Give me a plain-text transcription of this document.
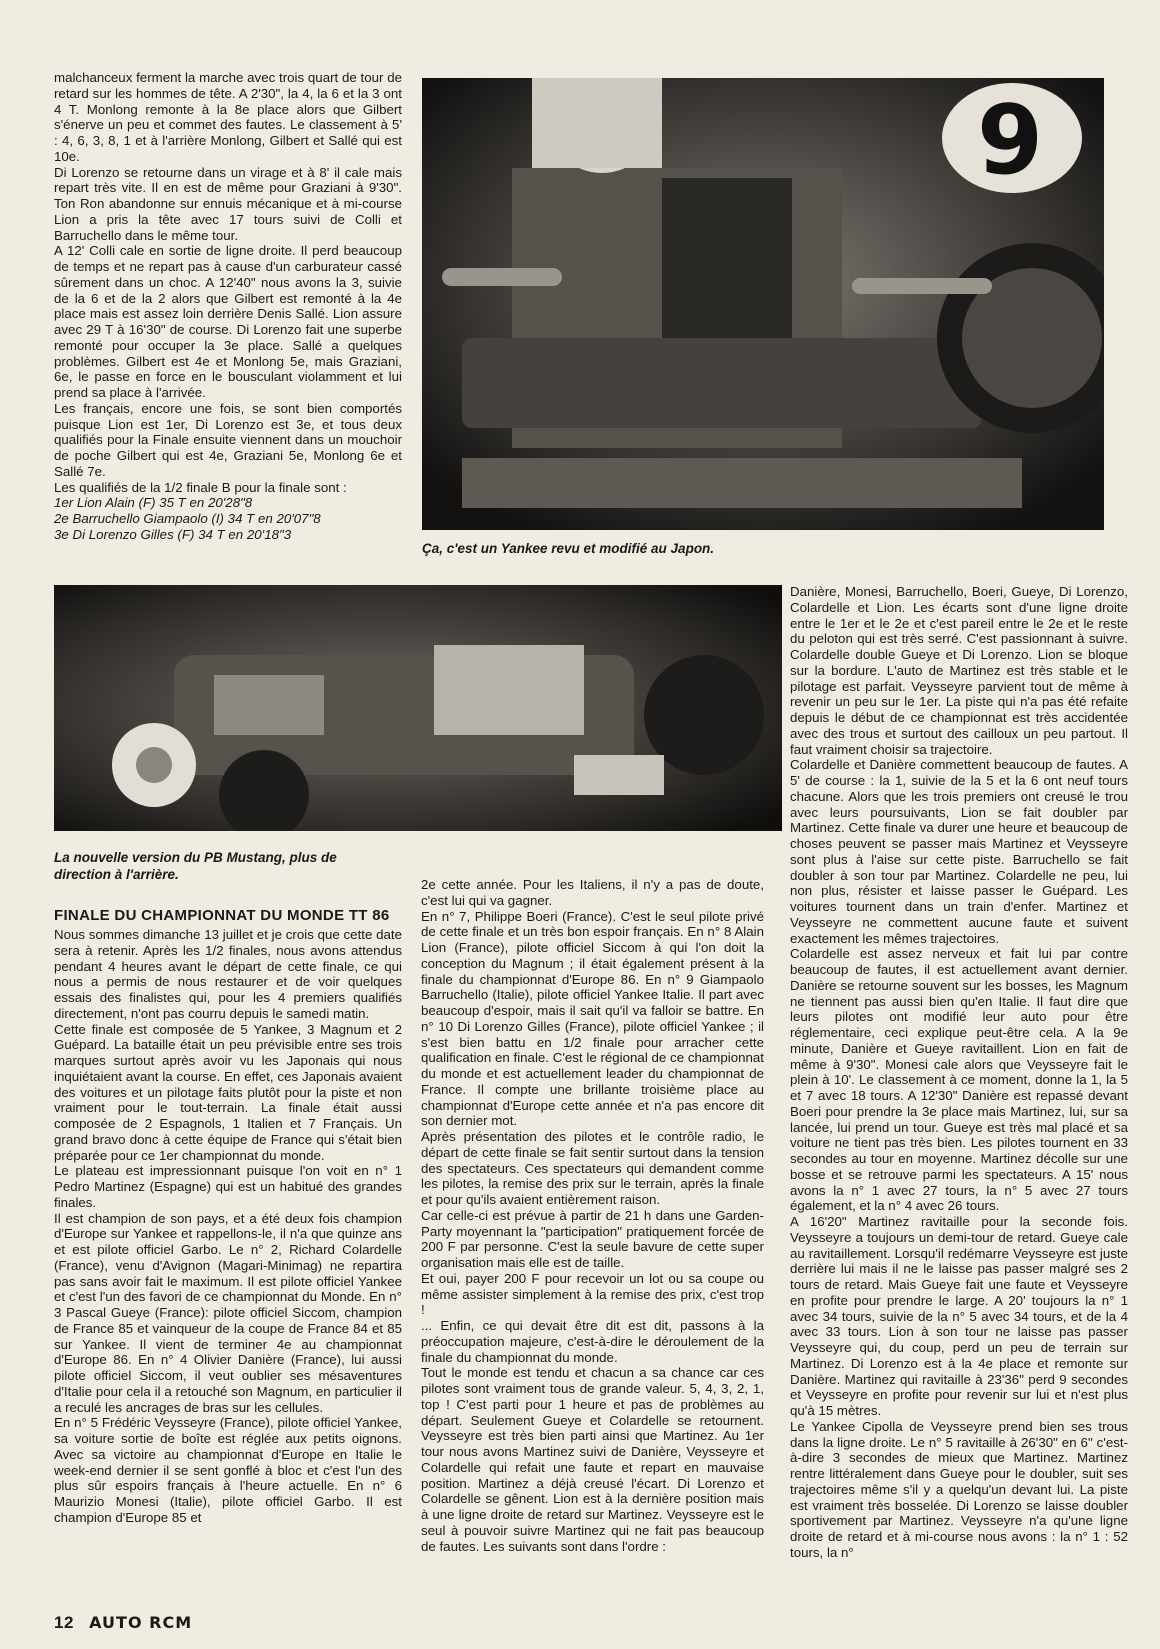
malchanceux ferment la marche avec trois quart de tour de retard sur les hommes de tête. A 2'30", la 4, la 6 et la 3 ont 4 T. Monlong remonte à la 8e place alors que Gilbert s'énerve un peu et commet des fautes. Le classement à 5' : 4, 6, 3, 8, 1 et à l'arrière Monlong, Gilbert et Sallé qui est 10e.

Di Lorenzo se retourne dans un virage et à 8' il cale mais repart très vite. Il en est de même pour Graziani à 9'30". Ton Ron abandonne sur ennuis mécanique et à mi-course Lion a pris la tête avec 17 tours suivi de Colli et Barruchello dans le même tour.

A 12' Colli cale en sortie de ligne droite. Il perd beaucoup de temps et ne repart pas à cause d'un carburateur cassé sûrement dans un choc. A 12'40" nous avons la 3, suivie de la 6 et de la 2 alors que Gilbert est remonté à la 4e place mais est assez loin derrière Denis Sallé. Lion assure avec 29 T à 16'30" de course. Di Lorenzo fait une superbe remonté pour occuper la 3e place. Sallé a quelques problèmes. Gilbert est 4e et Monlong 5e, mais Graziani, 6e, le passe en force en le bousculant violamment et lui prend sa place à l'arrivée.

Les français, encore une fois, se sont bien comportés puisque Lion est 1er, Di Lorenzo est 3e, et tous deux qualifiés pour la Finale ensuite viennent dans un mouchoir de poche Gilbert qui est 4e, Graziani 5e, Monlong 6e et Sallé 7e.

Les qualifiés de la 1/2 finale B pour la finale sont :

1er Lion Alain (F) 35 T en 20'28"8

2e Barruchello Giampaolo (I) 34 T en 20'07"8

3e Di Lorenzo Gilles (F) 34 T en 20'18"3

9

Ça, c'est un Yankee revu et modifié au Japon.

La nouvelle version du PB Mustang, plus de direction à l'arrière.

FINALE DU CHAMPIONNAT DU MONDE TT 86

Nous sommes dimanche 13 juillet et je crois que cette date sera à retenir. Après les 1/2 finales, nous avons attendus pendant 4 heures avant le départ de cette finale, ce qui nous a permis de nous restaurer et de voir quelques essais des finalistes qui, pour les 4 premiers qualifiés directement, n'ont pas courru depuis le samedi matin.

Cette finale est composée de 5 Yankee, 3 Magnum et 2 Guépard. La bataille était un peu prévisible entre ses trois marques surtout après avoir vu les Japonais qui nous inquiétaient avant la course. En effet, ces Japonais avaient des voitures et un pilotage faits plutôt pour la piste et non vraiment pour le tout-terrain. La finale était aussi composée de 2 Espagnols, 1 Italien et 7 Français. Un grand bravo donc à cette équipe de France qui s'était bien préparée pour ce 1er championnat du monde.

Le plateau est impressionnant puisque l'on voit en n° 1 Pedro Martinez (Espagne) qui est un habitué des grandes finales.

Il est champion de son pays, et a été deux fois champion d'Europe sur Yankee et rappellons-le, il n'a que quinze ans et est pilote officiel Garbo. Le n° 2, Richard Colardelle (France), venu d'Avignon (Magari-Minimag) ne repartira pas sans avoir fait le maximum. Il est pilote officiel Yankee et c'est l'un des favori de ce championnat du Monde. En n° 3 Pascal Gueye (France): pilote officiel Siccom, champion de France 85 et vainqueur de la coupe de France 84 et 85 sur Yankee. Il vient de terminer 4e au championnat d'Europe 86. En n° 4 Olivier Danière (France), lui aussi pilote officiel Siccom, il veut oublier ses mésaventures d'Italie pour cela il a retouché son Magnum, en particulier il a reculé les ancrages de bras sur les cellules.

En n° 5 Frédéric Veysseyre (France), pilote officiel Yankee, sa voiture sortie de boîte est réglée aux petits oignons. Avec sa victoire au championnat d'Europe en Italie le week-end dernier il se sent gonflé à bloc et c'est l'un des plus sûr espoirs français à l'heure actuelle. En n° 6 Maurizio Monesi (Italie), pilote officiel Garbo. Il est champion d'Europe 85 et

2e cette année. Pour les Italiens, il n'y a pas de doute, c'est lui qui va gagner.

En n° 7, Philippe Boeri (France). C'est le seul pilote privé de cette finale et un très bon espoir français. En n° 8 Alain Lion (France), pilote officiel Siccom à qui l'on doit la conception du Magnum ; il était également présent à la finale du championnat d'Europe 86. En n° 9 Giampaolo Barruchello (Italie), pilote officiel Yankee Italie. Il part avec beaucoup d'espoir, mais il sait qu'il va falloir se battre. En n° 10 Di Lorenzo Gilles (France), pilote officiel Yankee ; il s'est bien battu en 1/2 finale pour arracher cette qualification en finale. C'est le régional de ce championnat du monde et est actuellement leader du championnat de France. Il compte une brillante troisième place au championnat d'Europe cette année et n'a pas encore dit son dernier mot.

Après présentation des pilotes et le contrôle radio, le départ de cette finale se fait sentir surtout dans la tension des spectateurs. Ces spectateurs qui demandent comme les pilotes, la remise des prix sur le terrain, après la finale et pour qu'ils avaient entièrement raison.

Car celle-ci est prévue à partir de 21 h dans une Garden-Party moyennant la "participation" pratiquement forcée de 200 F par personne. C'est la seule bavure de cette super organisation mais elle est de taille.

Et oui, payer 200 F pour recevoir un lot ou sa coupe ou même assister simplement à la remise des prix, c'est trop !

... Enfin, ce qui devait être dit est dit, passons à la préoccupation majeure, c'est-à-dire le déroulement de la finale du championnat du monde.

Tout le monde est tendu et chacun a sa chance car ces pilotes sont vraiment tous de grande valeur. 5, 4, 3, 2, 1, top ! C'est parti pour 1 heure et pas de problèmes au départ. Seulement Gueye et Colardelle se retournent. Veysseyre est très bien parti ainsi que Martinez. Au 1er tour nous avons Martinez suivi de Danière, Veysseyre et Colardelle qui refait une faute et repart en mauvaise position. Martinez a déjà creusé l'écart. Di Lorenzo et Colardelle se gênent. Lion est à la dernière position mais à une ligne droite de retard sur Martinez. Veysseyre est le seul à pouvoir suivre Martinez qui ne fait pas beaucoup de fautes. Les suivants sont dans l'ordre :

Danière, Monesi, Barruchello, Boeri, Gueye, Di Lorenzo, Colardelle et Lion. Les écarts sont d'une ligne droite entre le 1er et le 2e et c'est pareil entre le 2e et le reste du peloton qui est très serré. C'est passionnant à suivre. Colardelle double Gueye et Di Lorenzo. Lion se bloque sur la bordure. L'auto de Martinez est très stable et le pilotage est parfait. Veysseyre parvient tout de même à revenir un peu sur le 1er. La piste qui n'a pas été refaite depuis le début de ce championnat est très accidentée avec des trous et surtout des cailloux un peu partout. Il faut vraiment choisir sa trajectoire.

Colardelle et Danière commettent beaucoup de fautes. A 5' de course : la 1, suivie de la 5 et la 6 ont neuf tours chacune. Alors que les trois premiers ont creusé le trou avec leurs poursuivants, Lion se fait doubler par Martinez. Cette finale va durer une heure et beaucoup de choses peuvent se passer mais Martinez et Veysseyre sont plus à l'aise sur cette piste. Barruchello se fait doubler à son tour par Martinez. Colardelle ne peu, lui non plus, résister et laisse passer le Guépard. Les voitures tournent dans un train d'enfer. Martinez et Veysseyre ne commettent aucune faute et suivent exactement les mêmes trajectoires.

Colardelle est assez nerveux et fait lui par contre beaucoup de fautes, il est actuellement avant dernier. Danière se retourne souvent sur les bosses, les Magnum ne tiennent pas aussi bien qu'en Italie. Il faut dire que leurs pilotes ont modifié leur auto pour être réglementaire, ceci explique peut-être cela. A la 9e minute, Danière et Gueye ravitaillent. Lion en fait de même à 9'30". Monesi cale alors que Veysseyre fait le plein à 10'. Le classement à ce moment, donne la 1, la 5 et 7 avec 18 tours. A 12'30" Danière est repassé devant Boeri pour prendre la 3e place mais Martinez, lui, sur sa lancée, lui prend un tour. Gueye est très mal placé et sa voiture ne tient pas très bien. Les pilotes tournent en 33 secondes au tour en moyenne. Martinez décolle sur une bosse et se retrouve parmi les spectateurs. A 15' nous avons la n° 1 avec 27 tours, la n° 5 avec 27 tours également, et la n° 4 avec 26 tours.

A 16'20" Martinez ravitaille pour la seconde fois. Veysseyre a toujours un demi-tour de retard. Gueye cale au ravitaillement. Lorsqu'il redémarre Veysseyre est juste derrière lui mais il ne le laisse pas passer malgré ses 2 tours de retard. Mais Gueye fait une faute et Veysseyre en profite pour prendre le large. A 20' toujours la n° 1 avec 34 tours, suivie de la n° 5 avec 34 tours, et de la 4 avec 33 tours. Lion à son tour ne laisse pas passer Veysseyre qui, du coup, perd un peu de terrain sur Martinez. Di Lorenzo est à la 4e place et remonte sur Danière. Martinez qui ravitaille à 23'36" perd 9 secondes et Veysseyre en profite pour revenir sur lui et n'est plus qu'à 15 mètres.

Le Yankee Cipolla de Veysseyre prend bien ses trous dans la ligne droite. Le n° 5 ravitaille à 26'30" en 6" c'est-à-dire 3 secondes de mieux que Martinez. Martinez rentre littéralement dans Gueye pour le doubler, suit ses trajectoires même s'il y a quelqu'un devant lui. La piste est vraiment très bosselée. Di Lorenzo se laisse doubler sportivement par Martinez. Veysseyre n'a qu'une ligne droite de retard et à mi-course nous avons : la n° 1 : 52 tours, la n°

12 AUTO RCM
